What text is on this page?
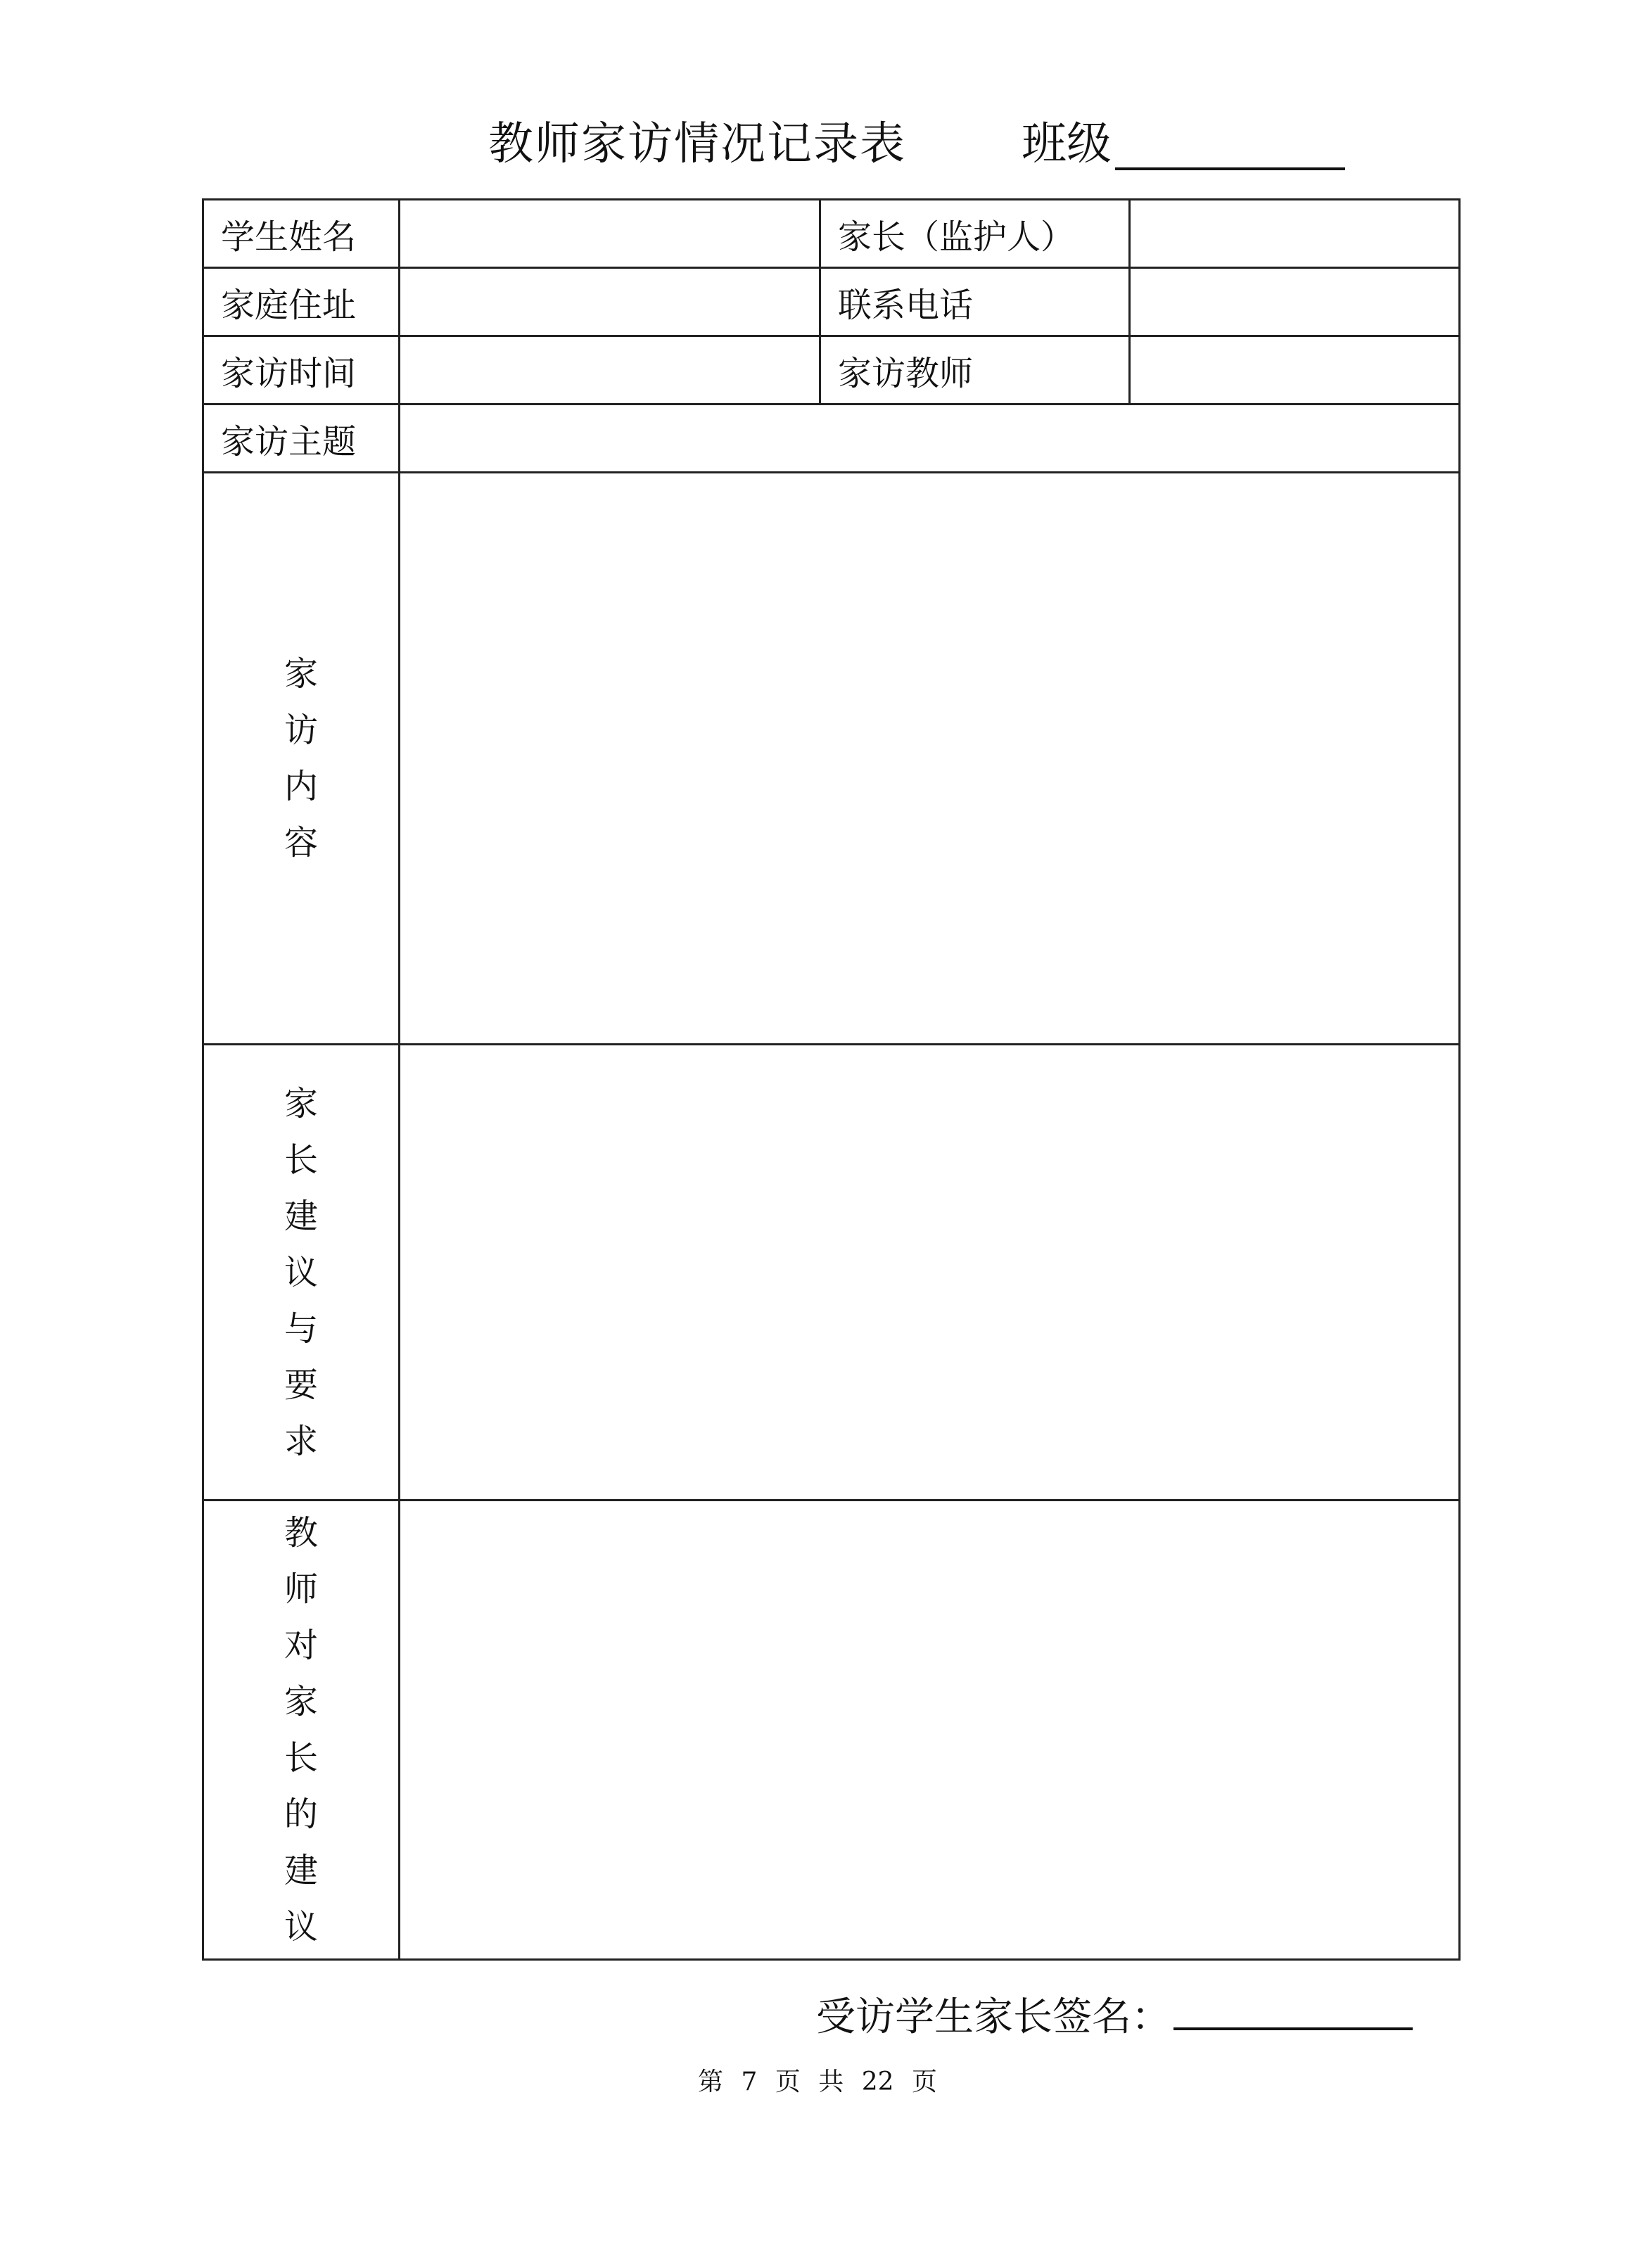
教师家访情况记录表	班级
学生姓名		家长（监护人）	
家庭住址		联系电话	
家访时间		家访教师	
家访主题			
家访内容			
家长建议与要求			
教师对家长的建议			
受访学生家长签名：
第 7 页 共 22 页
